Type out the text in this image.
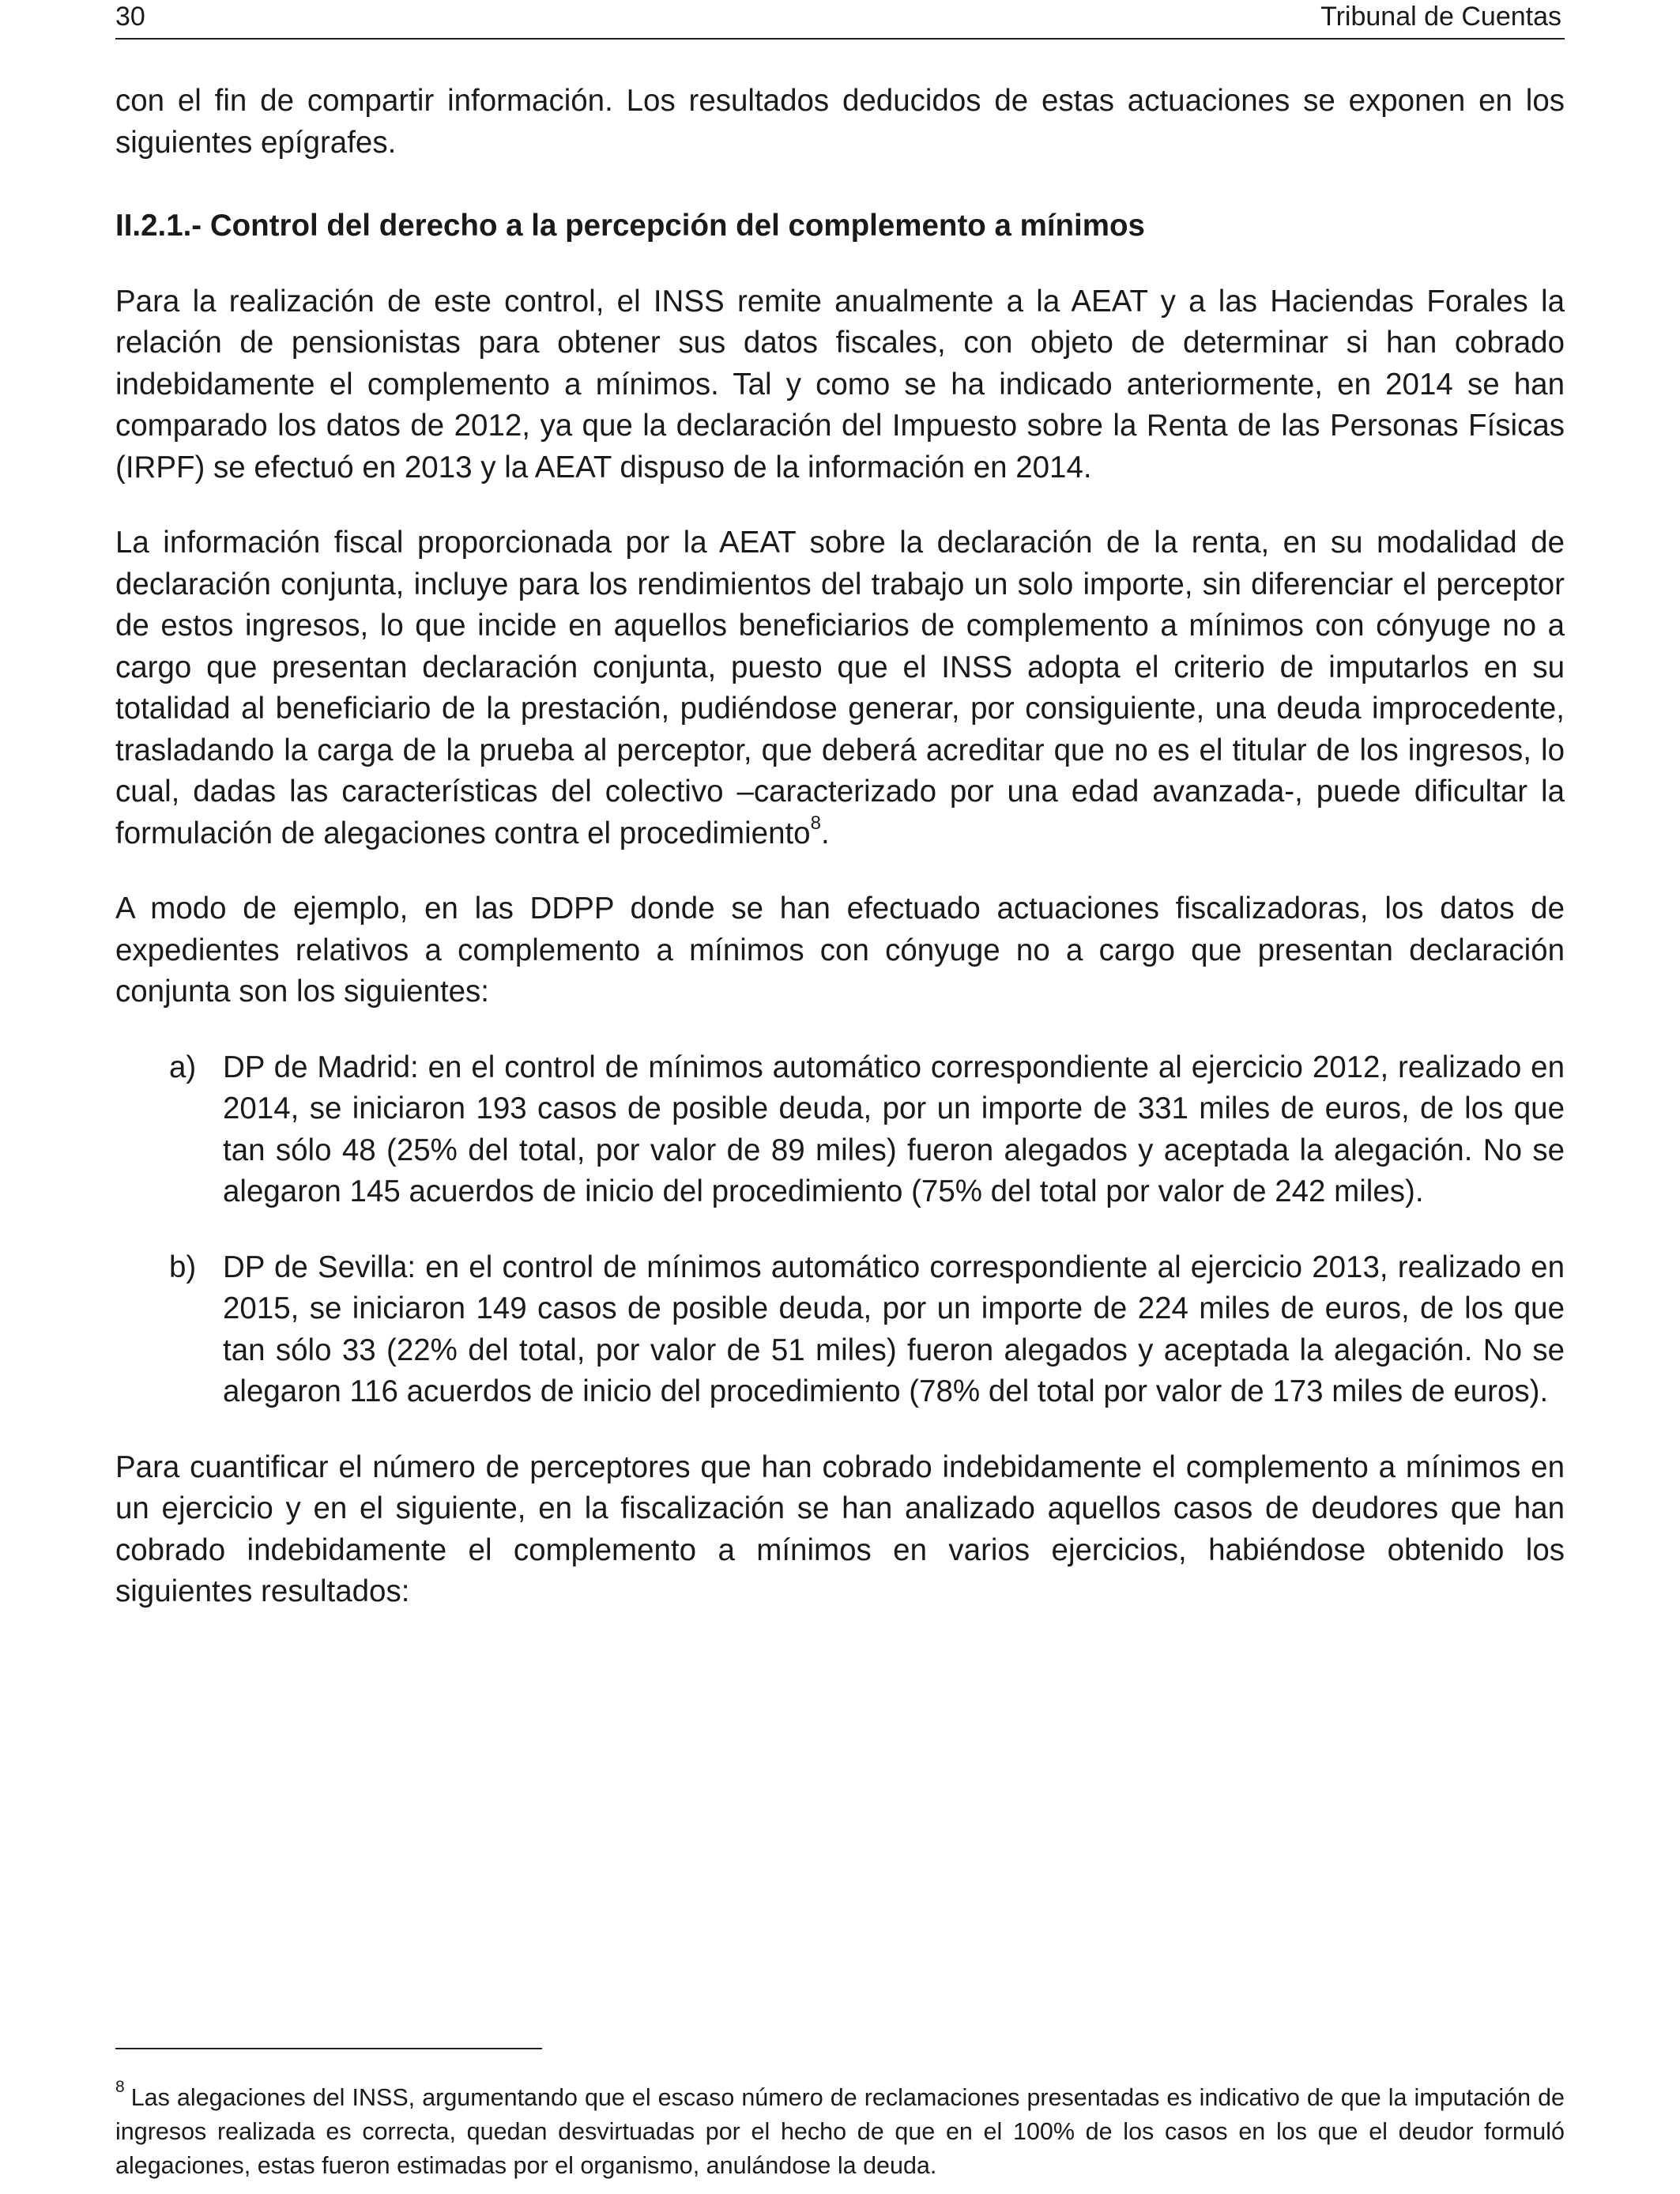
30	Tribunal de Cuentas

con el fin de compartir información. Los resultados deducidos de estas actuaciones se exponen en los siguientes epígrafes.

II.2.1.- Control del derecho a la percepción del complemento a mínimos

Para la realización de este control, el INSS remite anualmente a la AEAT y a las Haciendas Forales la relación de pensionistas para obtener sus datos fiscales, con objeto de determinar si han cobrado indebidamente el complemento a mínimos. Tal y como se ha indicado anteriormente, en 2014 se han comparado los datos de 2012, ya que la declaración del Impuesto sobre la Renta de las Personas Físicas (IRPF) se efectuó en 2013 y la AEAT dispuso de la información en 2014.

La información fiscal proporcionada por la AEAT sobre la declaración de la renta, en su modalidad de declaración conjunta, incluye para los rendimientos del trabajo un solo importe, sin diferenciar el perceptor de estos ingresos, lo que incide en aquellos beneficiarios de complemento a mínimos con cónyuge no a cargo que presentan declaración conjunta, puesto que el INSS adopta el criterio de imputarlos en su totalidad al beneficiario de la prestación, pudiéndose generar, por consiguiente, una deuda improcedente, trasladando la carga de la prueba al perceptor, que deberá acreditar que no es el titular de los ingresos, lo cual, dadas las características del colectivo –caracterizado por una edad avanzada-, puede dificultar la formulación de alegaciones contra el procedimiento$^8$.

A modo de ejemplo, en las DDPP donde se han efectuado actuaciones fiscalizadoras, los datos de expedientes relativos a complemento a mínimos con cónyuge no a cargo que presentan declaración conjunta son los siguientes:

a) DP de Madrid: en el control de mínimos automático correspondiente al ejercicio 2012, realizado en 2014, se iniciaron 193 casos de posible deuda, por un importe de 331 miles de euros, de los que tan sólo 48 (25% del total, por valor de 89 miles) fueron alegados y aceptada la alegación. No se alegaron 145 acuerdos de inicio del procedimiento (75% del total por valor de 242 miles).

b) DP de Sevilla: en el control de mínimos automático correspondiente al ejercicio 2013, realizado en 2015, se iniciaron 149 casos de posible deuda, por un importe de 224 miles de euros, de los que tan sólo 33 (22% del total, por valor de 51 miles) fueron alegados y aceptada la alegación. No se alegaron 116 acuerdos de inicio del procedimiento (78% del total por valor de 173 miles de euros).

Para cuantificar el número de perceptores que han cobrado indebidamente el complemento a mínimos en un ejercicio y en el siguiente, en la fiscalización se han analizado aquellos casos de deudores que han cobrado indebidamente el complemento a mínimos en varios ejercicios, habiéndose obtenido los siguientes resultados:

$^8$ Las alegaciones del INSS, argumentando que el escaso número de reclamaciones presentadas es indicativo de que la imputación de ingresos realizada es correcta, quedan desvirtuadas por el hecho de que en el 100% de los casos en los que el deudor formuló alegaciones, estas fueron estimadas por el organismo, anulándose la deuda.
